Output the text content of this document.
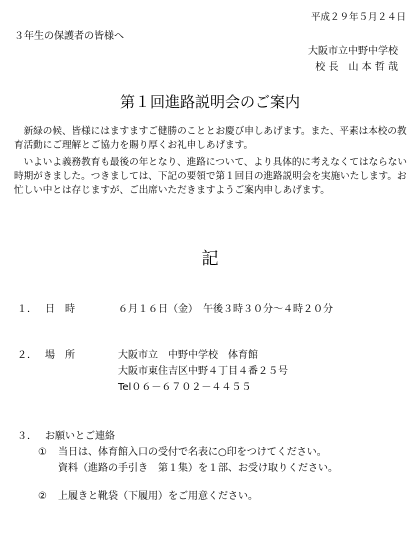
平成２９年５月２４日
３年生の保護者の皆様へ
大阪市立中野中学校
校 長　山 本 哲 哉
第１回進路説明会のご案内
　新緑の候、皆様にはますますご健勝のこととお慶び申しあげます。また、平素は本校の教育活動にご理解とご協力を賜り厚くお礼申しあげます。
　いよいよ義務教育も最後の年となり、進路について、より具体的に考えなくてはならない時期がきました。つきましては、下記の要領で第１回目の進路説明会を実施いたします。お忙しい中とは存じますが、ご出席いただきますようご案内申しあげます。
記
１． 日　時	６月１６日（金）　午後３時３０分～４時２０分
２． 場　所	大阪市立　中野中学校　体育館
大阪市東住吉区中野４丁目４番２５号
Tel０６－６７０２－４４５５
３． お願いとご連絡
① 当日は、体育館入口の受付で名表に○印をつけてください。
資料（進路の手引き　第１集）を１部、お受け取りください。
② 上履きと靴袋（下履用）をご用意ください。
